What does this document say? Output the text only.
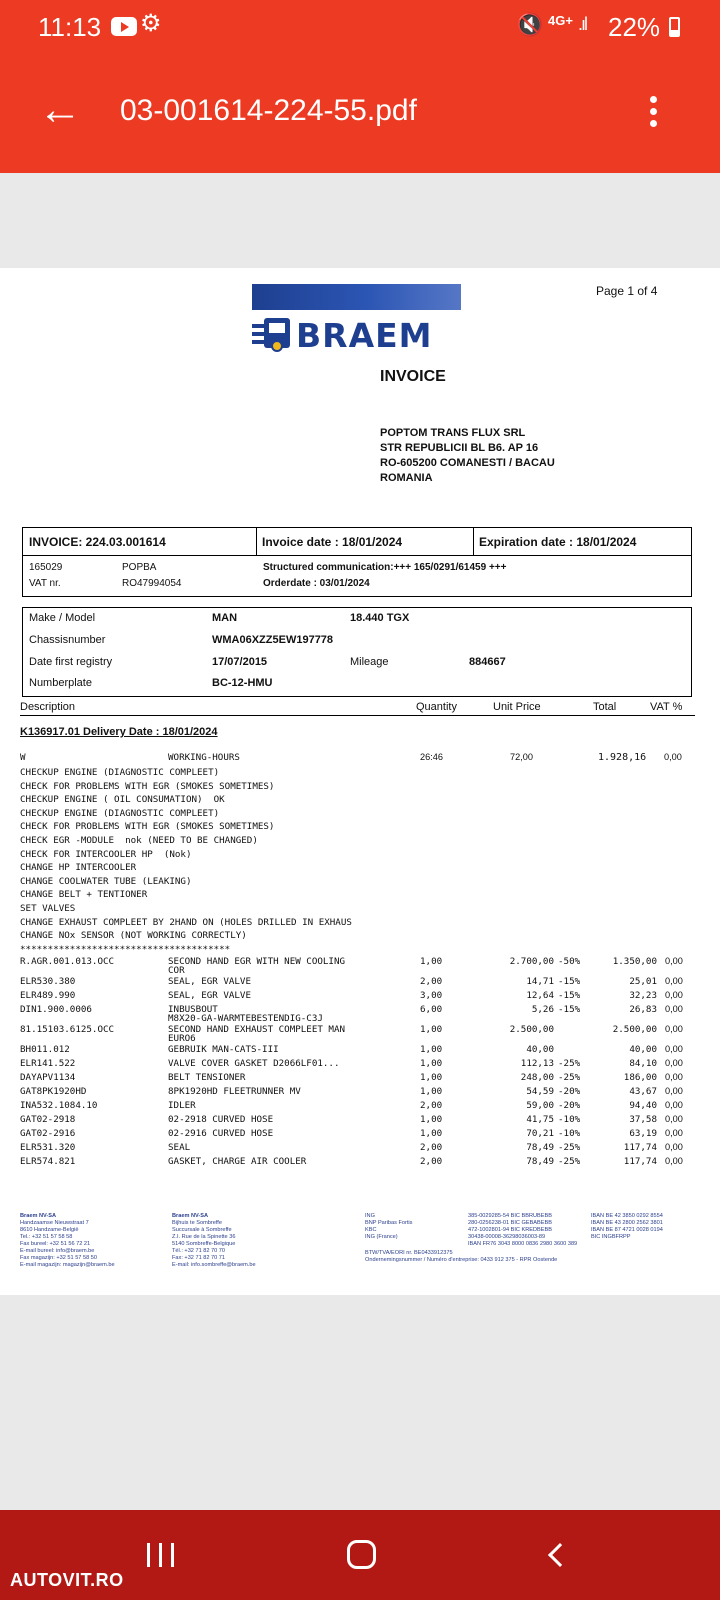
11:13 ⚙	🔇 4G+ .ıl 22%
← 03-001614-224-55.pdf
BRAEM
Page 1 of 4
INVOICE
POPTOM TRANS FLUX SRL
STR REPUBLICII BL B6. AP 16
RO-605200 COMANESTI / BACAU
ROMANIA
INVOICE: 224.03.001614	Invoice date : 18/01/2024	Expiration date : 18/01/2024
165029	POPBA
VAT nr.	RO47994054
Structured communication:+++ 165/0291/61459 +++
Orderdate : 03/01/2024
Make / Model	MAN	18.440 TGX
Chassisnumber	WMA06XZZ5EW197778
Date first registry	17/07/2015	Mileage	884667
Numberplate	BC-12-HMU
Description	Quantity	Unit Price	Total	VAT %
K136917.01 Delivery Date : 18/01/2024
W	WORKING-HOURS	26:46	72,00	1.928,16 0,00
CHECKUP ENGINE (DIAGNOSTIC COMPLEET)
CHECK FOR PROBLEMS WITH EGR (SMOKES SOMETIMES)
CHECKUP ENGINE ( OIL CONSUMATION)  OK
CHECKUP ENGINE (DIAGNOSTIC COMPLEET)
CHECK FOR PROBLEMS WITH EGR (SMOKES SOMETIMES)
CHECK EGR -MODULE  nok (NEED TO BE CHANGED)
CHECK FOR INTERCOOLER HP  (Nok)
CHANGE HP INTERCOOLER
CHANGE COOLWATER TUBE (LEAKING)
CHANGE BELT + TENTIONER
SET VALVES
CHANGE EXHAUST COMPLEET BY 2HAND ON (HOLES DRILLED IN EXHAUS
CHANGE NOx SENSOR (NOT WORKING CORRECTLY)
**************************************
R.AGR.001.013.OCC	SECOND HAND EGR WITH NEW COOLING	1,00	2.700,00 -50%	1.350,00 0,00
COR
ELR530.380	SEAL, EGR VALVE	2,00	14,71 -15%	25,01 0,00
ELR489.990	SEAL, EGR VALVE	3,00	12,64 -15%	32,23 0,00
DIN1.900.0006	INBUSBOUT	6,00	5,26 -15%	26,83 0,00
M8X20-GA-WARMTEBESTENDIG-C3J
81.15103.6125.OCC	SECOND HAND EXHAUST COMPLEET MAN	1,00	2.500,00	2.500,00 0,00
EURO6
BH011.012	GEBRUIK MAN-CATS-III	1,00	40,00	40,00 0,00
ELR141.522	VALVE COVER GASKET D2066LF01...	1,00	112,13 -25%	84,10 0,00
DAYAPV1134	BELT TENSIONER	1,00	248,00 -25%	186,00 0,00
GAT8PK1920HD	8PK1920HD FLEETRUNNER MV	1,00	54,59 -20%	43,67 0,00
INA532.1084.10	IDLER	2,00	59,00 -20%	94,40 0,00
GAT02-2918	02-2918 CURVED HOSE	1,00	41,75 -10%	37,58 0,00
GAT02-2916	02-2916 CURVED HOSE	1,00	70,21 -10%	63,19 0,00
ELR531.320	SEAL	2,00	78,49 -25%	117,74 0,00
ELR574.821	GASKET, CHARGE AIR COOLER	2,00	78,49 -25%	117,74 0,00
Braem NV-SA
Handzaamse Nieuwstraat 7
8610 Handzame-België
Tel.: +32 51 57 58 58
Fax bureel: +32 51 56 72 21
E-mail bureel: info@braem.be
Fax magazijn: +32 51 57 58 50
E-mail magazijn: magazijn@braem.be
Braem NV-SA
Bijhuis te Sombreffe
Succursale à Sombreffe
Z.I. Rue de la Spinette 36
5140 Sombreffe-Belgique
Tél.: +32 71 82 70 70
Fax: +32 71 82 70 71
E-mail: info.sombreffe@braem.be
ING
BNP Paribas Fortis
KBC
ING (France)
385-0029285-54 BIC BBRUBEBB
280-0256238-01 BIC GEBABEBB
472-1002801-94 BIC KREDBEBB
30438-00008-36298036003-89
IBAN FR76 3043 8000 0836 2980 3600 389
IBAN BE 42 3850 0292 8554
IBAN BE 43 2800 2562 3801
IBAN BE 87 4721 0028 0194
BIC INGBFRPP
BTW/TVA/EORI nr. BE0433912375
Ondernemingsnummer / Numéro d'entreprise: 0433 912 375 - RPR Oostende
AUTOVIT.RO
